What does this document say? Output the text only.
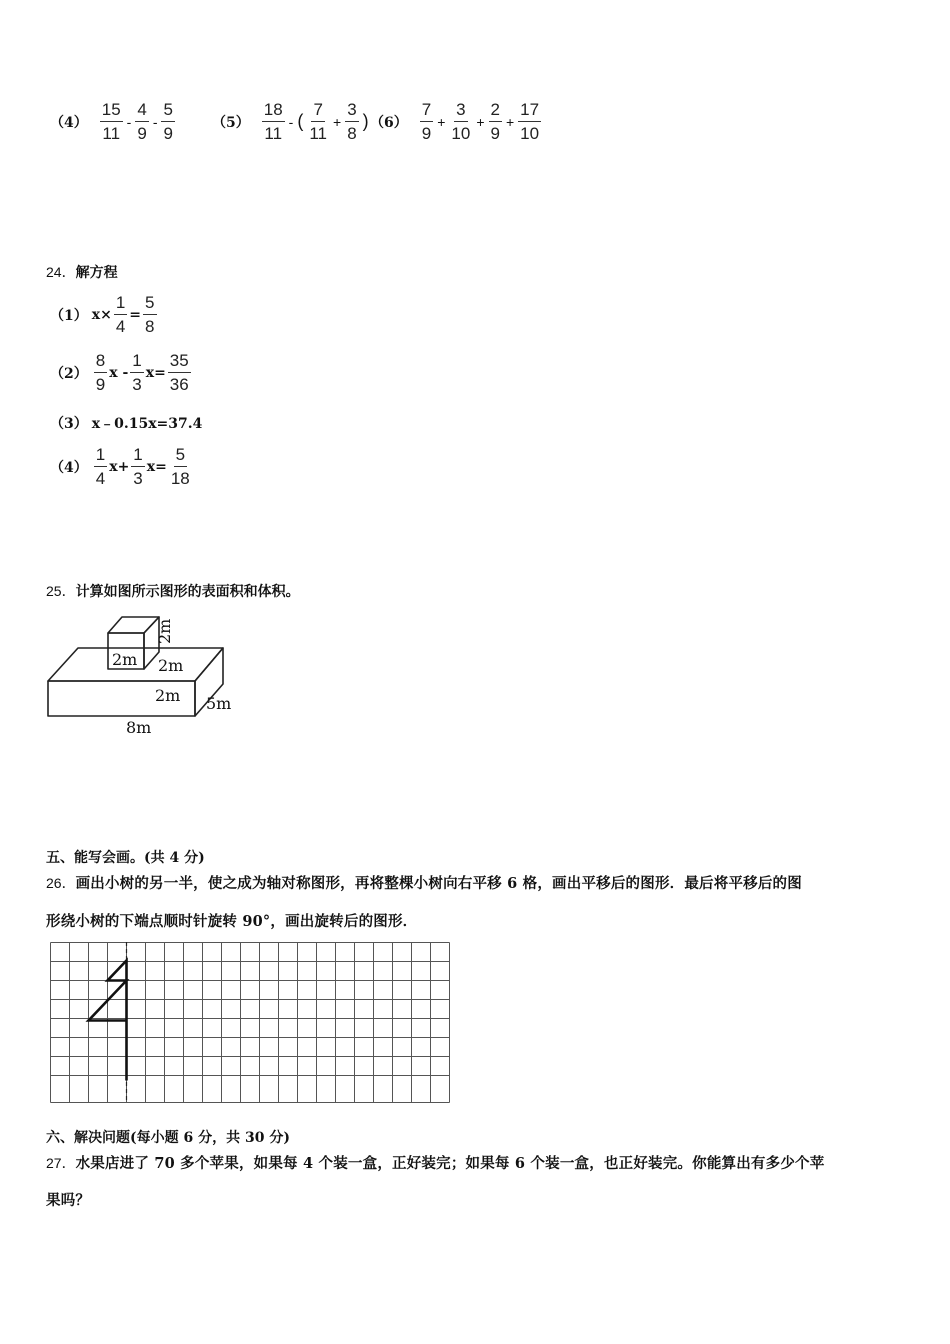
$(4) \frac{15}{11} - \frac{4}{9} - \frac{5}{9}$	$(5) \frac{18}{11}$ - ( $\frac{7}{11} + \frac{3}{8}$ ) $(6) \frac{7}{9} + \frac{3}{10} + \frac{2}{9} + \frac{17}{10}$
24．解方程
（1） $x\times \frac{1}{4} = \frac{5}{8}$
$(2) \frac{8}{9}$ $x - \frac{1}{3} x= \frac{35}{36}$
（3） x﹣0.15x=37.4
$(4) \frac{1}{4} x+ \frac{1}{3} x= \frac{5}{18}$
25．计算如图所示图形的表面积和体积。
2m
2m
2m
2m 5m
8m
五、能写会画。(共 4 分)
26．画出小树的另一半，使之成为轴对称图形，再将整棵小树向右平移 6 格，画出平移后的图形．最后将平移后的图
形绕小树的下端点顺时针旋转 90°，画出旋转后的图形．
六、解决问题(每小题 6 分，共 30 分)
27．水果店进了 70 多个苹果，如果每 4 个装一盒，正好装完；如果每 6 个装一盒，也正好装完。你能算出有多少个苹
果吗？
